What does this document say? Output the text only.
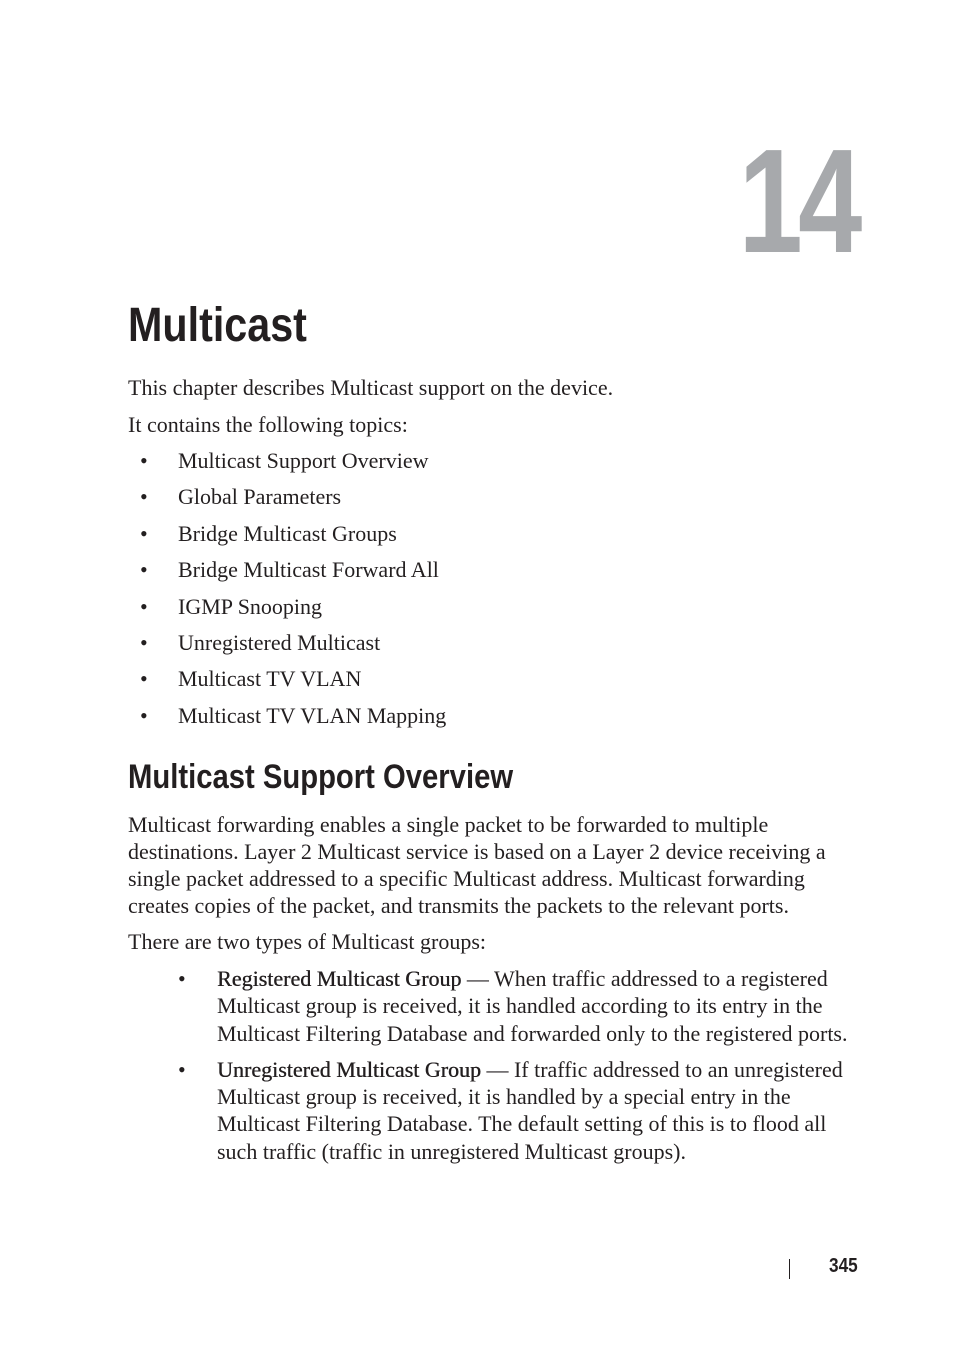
14
Multicast

This chapter describes Multicast support on the device.

It contains the following topics:

• Multicast Support Overview
• Global Parameters
• Bridge Multicast Groups
• Bridge Multicast Forward All
• IGMP Snooping
• Unregistered Multicast
• Multicast TV VLAN
• Multicast TV VLAN Mapping
Multicast Support Overview

Multicast forwarding enables a single packet to be forwarded to multiple destinations. Layer 2 Multicast service is based on a Layer 2 device receiving a single packet addressed to a specific Multicast address. Multicast forwarding creates copies of the packet, and transmits the packets to the relevant ports.

There are two types of Multicast groups:

• Registered Multicast Group — When traffic addressed to a registered Multicast group is received, it is handled according to its entry in the Multicast Filtering Database and forwarded only to the registered ports.
• Unregistered Multicast Group — If traffic addressed to an unregistered Multicast group is received, it is handled by a special entry in the Multicast Filtering Database. The default setting of this is to flood all such traffic (traffic in unregistered Multicast groups).
345
